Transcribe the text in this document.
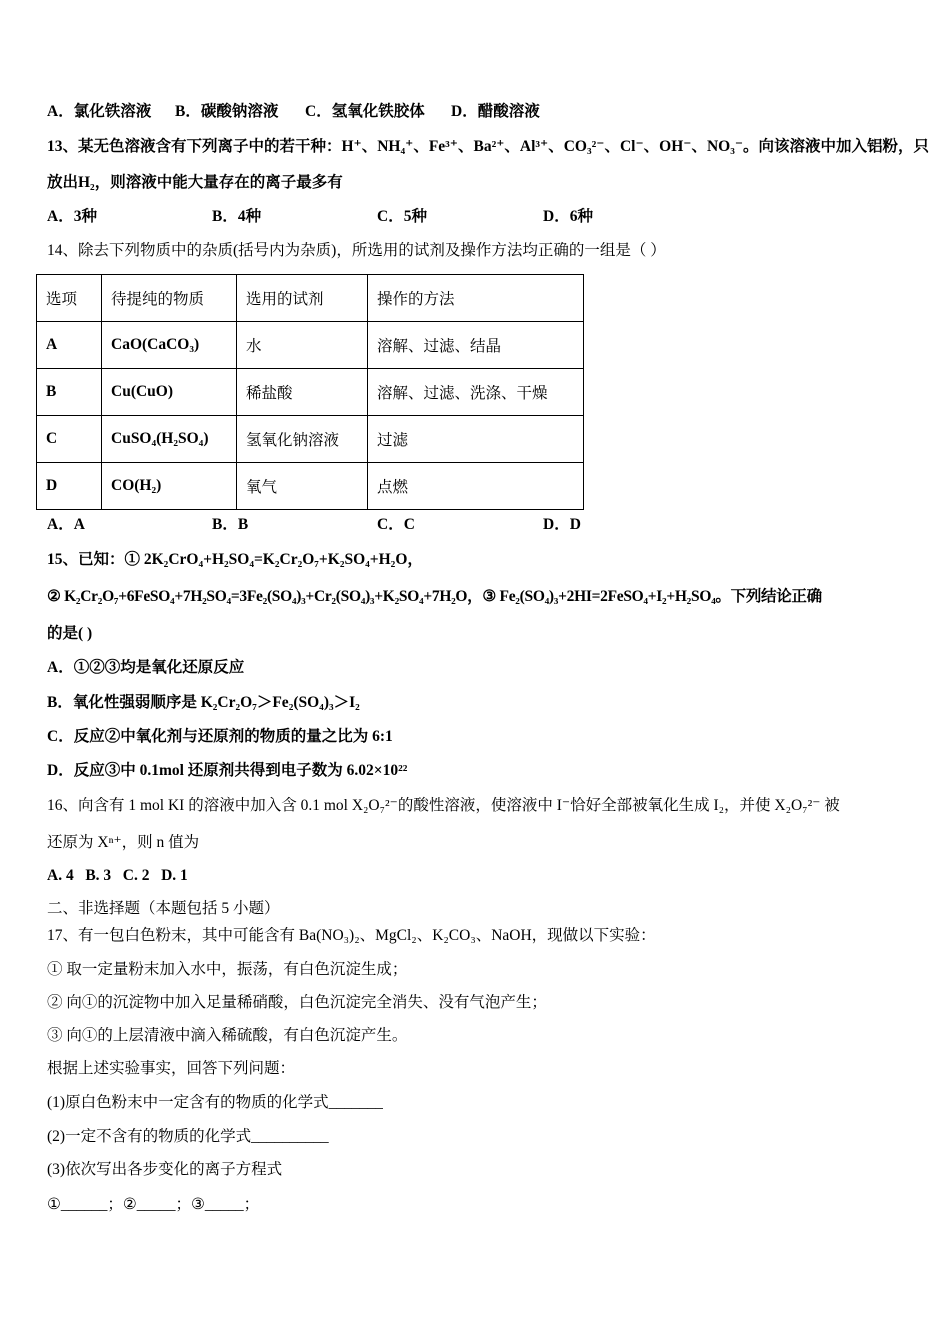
A．氯化铁溶液 B．碳酸钠溶液 C．氢氧化铁胶体 D．醋酸溶液
13、某无色溶液含有下列离子中的若干种：H⁺、NH₄⁺、Fe³⁺、Ba²⁺、Al³⁺、CO₃²⁻、Cl⁻、OH⁻、NO₃⁻。向该溶液中加入铝粉，只
放出H₂，则溶液中能大量存在的离子最多有
A．3种	B．4种	C．5种	D．6种
14、除去下列物质中的杂质(括号内为杂质)，所选用的试剂及操作方法均正确的一组是（ ）
选项	待提纯的物质	选用的试剂	操作的方法
A	CaO(CaCO₃)	水	溶解、过滤、结晶
B	Cu(CuO)	稀盐酸	溶解、过滤、洗涤、干燥
C	CuSO₄(H₂SO₄)	氢氧化钠溶液	过滤
D	CO(H₂)	氧气	点燃
A．A	B．B	C．C	D．D
15、已知：① 2K₂CrO₄+H₂SO₄=K₂Cr₂O₇+K₂SO₄+H₂O，
② K₂Cr₂O₇+6FeSO₄+7H₂SO₄=3Fe₂(SO₄)₃+Cr₂(SO₄)₃+K₂SO₄+7H₂O，③ Fe₂(SO₄)₃+2HI=2FeSO₄+I₂+H₂SO₄。下列结论正确
的是( )
A．①②③均是氧化还原反应
B．氧化性强弱顺序是 K₂Cr₂O₇＞Fe₂(SO₄)₃＞I₂
C．反应②中氧化剂与还原剂的物质的量之比为 6:1
D．反应③中 0.1mol 还原剂共得到电子数为 6.02×10²²
16、向含有 1 mol KI 的溶液中加入含 0.1 mol X₂O₇²⁻的酸性溶液，使溶液中 I⁻恰好全部被氧化生成 I₂，并使 X₂O₇²⁻ 被
还原为 Xⁿ⁺，则 n 值为
A. 4   B. 3   C. 2   D. 1
二、非选择题（本题包括 5 小题）
17、有一包白色粉末，其中可能含有 Ba(NO₃)₂、MgCl₂、K₂CO₃、NaOH，现做以下实验：
① 取一定量粉末加入水中，振荡，有白色沉淀生成；
② 向①的沉淀物中加入足量稀硝酸，白色沉淀完全消失、没有气泡产生；
③ 向①的上层清液中滴入稀硫酸，有白色沉淀产生。
根据上述实验事实，回答下列问题：
(1)原白色粉末中一定含有的物质的化学式_______
(2)一定不含有的物质的化学式__________
(3)依次写出各步变化的离子方程式
①______；②_____；③_____；
